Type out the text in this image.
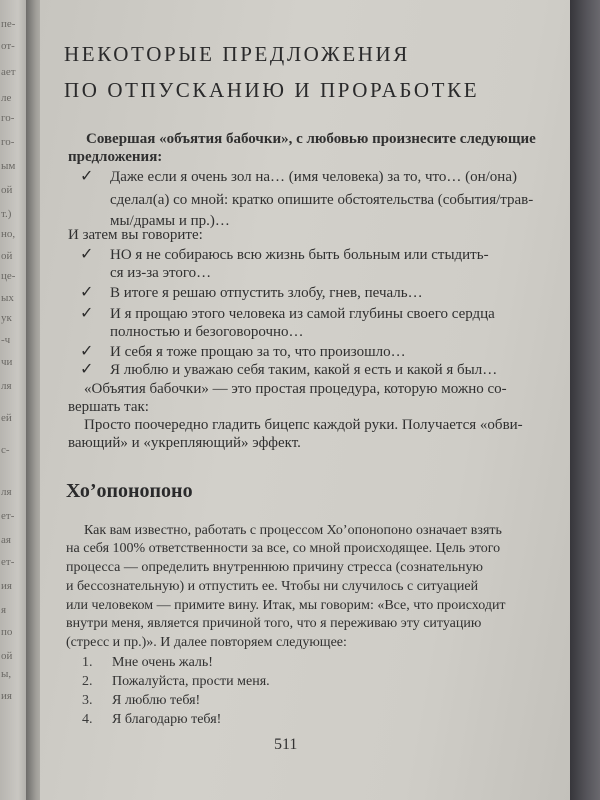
пе-
от-
ает
ле
го-
го-
ым
ой
т.)
но,
ой
це-
ых
ук
-ч
чи
ля
ей
с-
ля
ет-
ая
ет-
ия
я
по
ой
ы,
ия
НЕКОТОРЫЕ ПРЕДЛОЖЕНИЯ
ПО ОТПУСКАНИЮ И ПРОРАБОТКЕ

Совершая «объятия бабочки», с любовью произнесите следующие

предложения:

✓ Даже если я очень зол на… (имя человека) за то, что… (он/она)

сделал(а) со мной: кратко опишите обстоятельства (события/трав-

мы/драмы и пр.)…

И затем вы говорите:

✓ НО я не собираюсь всю жизнь быть больным или стыдить-

ся из-за этого…

✓ В итоге я решаю отпустить злобу, гнев, печаль…

✓ И я прощаю этого человека из самой глубины своего сердца

полностью и безоговорочно…

✓ И себя я тоже прощаю за то, что произошло…

✓ Я люблю и уважаю себя таким, какой я есть и какой я был…

«Объятия бабочки» — это простая процедура, которую можно со-

вершать так:

Просто поочередно гладить бицепс каждой руки. Получается «обви-

вающий» и «укрепляющий» эффект.

Хо’опонопоно

Как вам известно, работать с процессом Хо’опонопоно означает взять

на себя 100% ответственности за все, со мной происходящее. Цель этого

процесса — определить внутреннюю причину стресса (сознательную

и бессознательную) и отпустить ее. Чтобы ни случилось с ситуацией

или человеком — примите вину. Итак, мы говорим: «Все, что происходит

внутри меня, является причиной того, что я переживаю эту ситуацию

(стресс и пр.)». И далее повторяем следующее:

1. Мне очень жаль!

2. Пожалуйста, прости меня.

3. Я люблю тебя!

4. Я благодарю тебя!

511
